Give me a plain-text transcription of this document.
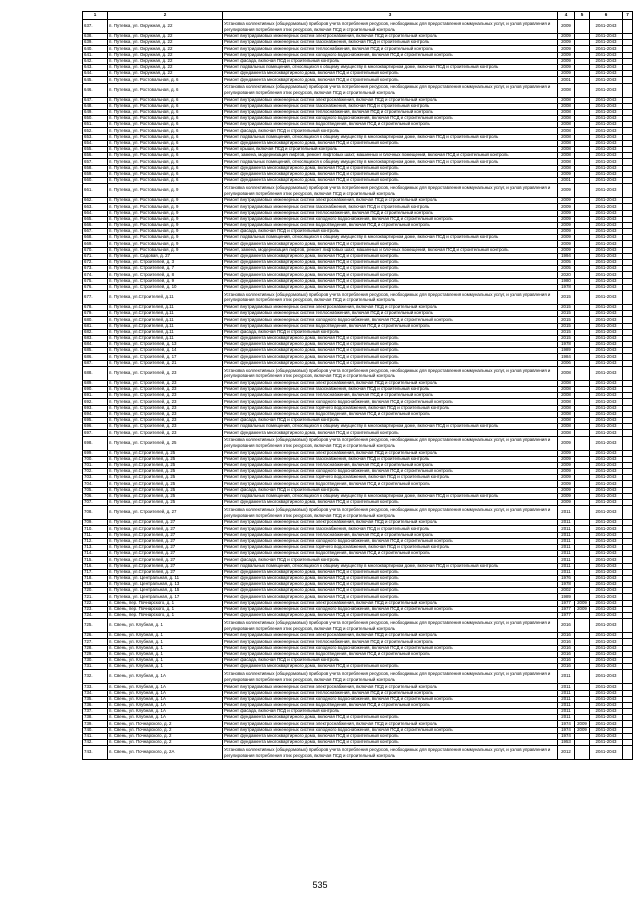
1	2	3	4	5	6	7
637.	п. Путевка, ул. Окружная, д. 22	Установка коллективных (общедомовых) приборов учета потребления ресурсов, необходимых для предоставления коммунальных услуг, и узлов управления и регулирования потребления этих ресурсов, включая ПСД и строительный контроль	2009		2041-2043	
638.	п. Путевка, ул. Окружная, д. 22	Ремонт внутридомовых инженерных систем электроснабжения, включая ПСД и строительный контроль	2009		2041-2043	
639.	п. Путевка, ул. Окружная, д. 22	Ремонт внутридомовых инженерных систем газоснабжения, включая ПСД и строительный контроль	2009		2041-2043	
640.	п. Путевка, ул. Окружная, д. 22	Ремонт внутридомовых инженерных систем теплоснабжения, включая ПСД и строительный контроль	2009		2041-2043	
641.	п. Путевка, ул. Окружная, д. 22	Ремонт внутридомовых инженерных систем холодного водоснабжения, включая ПСД и строительный контроль	2009		2041-2043	
642.	п. Путевка, ул. Окружная, д. 22	Ремонт фасада, включая ПСД и строительный контроль	2009		2041-2043	
643.	п. Путевка, ул. Окружная, д. 22	Ремонт подвальных помещений, относящихся к общему имуществу в многоквартирном доме, включая ПСД и строительный контроль	2009		2041-2043	
644.	п. Путевка, ул. Окружная, д. 22	Ремонт фундамента многоквартирного дома, включая ПСД и строительный контроль	2009		2041-2043	
645.	п. Путевка, ул. Ростовальная, д. 6	Ремонт фундамента многоквартирного дома, включая ПСД и строительный контроль	2001		2041-2043	
646.	п. Путевка, ул. Ростовальная, д. 6	Установка коллективных (общедомовых) приборов учета потребления ресурсов, необходимых для предоставления коммунальных услуг, и узлов управления и регулирования потребления этих ресурсов, включая ПСД и строительный контроль	2008		2041-2043	
647.	п. Путевка, ул. Ростовальная, д. 6	Ремонт внутридомовых инженерных систем электроснабжения, включая ПСД и строительный контроль	2008		2041-2043	
648.	п. Путевка, ул. Ростовальная, д. 6	Ремонт внутридомовых инженерных систем газоснабжения, включая ПСД и строительный контроль	2008		2041-2043	
649.	п. Путевка, ул. Ростовальная, д. 6	Ремонт внутридомовых инженерных систем теплоснабжения, включая ПСД и строительный контроль	2008		2041-2043	
650.	п. Путевка, ул. Ростовальная, д. 6	Ремонт внутридомовых инженерных систем холодного водоснабжения, включая ПСД и строительный контроль	2008		2041-2043	
651.	п. Путевка, ул. Ростовальная, д. 6	Ремонт внутридомовых инженерных систем водоотведения, включая ПСД и строительный контроль	2008		2041-2043	
652.	п. Путевка, ул. Ростовальная, д. 6	Ремонт фасада, включая ПСД и строительный контроль	2008		2041-2043	
653.	п. Путевка, ул. Ростовальная, д. 6	Ремонт подвальных помещений, относящихся к общему имуществу в многоквартирном доме, включая ПСД и строительный контроль	2008		2041-2043	
654.	п. Путевка, ул. Ростовальная, д. 6	Ремонт фундамента многоквартирного дома, включая ПСД и строительный контроль	2008		2041-2043	
655.	п. Путевка, ул. Ростовальная, д. 6	Ремонт крыши, включая ПСД и строительный контроль	2008		2041-2043	
656.	п. Путевка, ул. Ростовальная, д. 6	Ремонт, замена, модернизация лифтов, ремонт лифтовых шахт, машинных и блочных помещений, включая ПСД и строительный контроль	2008		2041-2043	
657.	п. Путевка, ул. Ростовальная, д. 6	Ремонт подвальных помещений, относящихся к общему имуществу в многоквартирном доме, включая ПСД и строительный контроль	2008		2041-2043	
658.	п. Путевка, ул. Ростовальная, д. 6	Ремонт фундамента многоквартирного дома, включая ПСД и строительный контроль	2008		2041-2043	
659.	п. Путевка, ул. Ростовальная, д. 6	Ремонт фундамента многоквартирного дома, включая ПСД и строительный контроль	2009		2041-2043	
660.	п. Путевка, ул. Ростовальная, д. 6	Ремонт фундамента многоквартирного дома, включая ПСД и строительный контроль	2001		2041-2043	
661.	п. Путевка, ул. Ростовальная, д. 9	Установка коллективных (общедомовых) приборов учета потребления ресурсов, необходимых для предоставления коммунальных услуг, и узлов управления и регулирования потребления этих ресурсов, включая ПСД и строительный контроль	2009		2041-2043	
662.	п. Путевка, ул. Ростовальная, д. 9	Ремонт внутридомовых инженерных систем электроснабжения, включая ПСД и строительный контроль	2009		2041-2043	
663.	п. Путевка, ул. Ростовальная, д. 9	Ремонт внутридомовых инженерных систем газоснабжения, включая ПСД и строительный контроль	2009		2041-2043	
664.	п. Путевка, ул. Ростовальная, д. 9	Ремонт внутридомовых инженерных систем теплоснабжения, включая ПСД и строительный контроль	2009		2041-2043	
665.	п. Путевка, ул. Ростовальная, д. 9	Ремонт внутридомовых инженерных систем холодного водоснабжения, включая ПСД и строительный контроль	2009		2041-2043	
666.	п. Путевка, ул. Ростовальная, д. 9	Ремонт внутридомовых инженерных систем водоотведения, включая ПСД и строительный контроль	2009		2041-2043	
667.	п. Путевка, ул. Ростовальная, д. 9	Ремонт фасада, включая ПСД и строительный контроль	2009		2041-2043	
668.	п. Путевка, ул. Ростовальная, д. 9	Ремонт подвальных помещений, относящихся к общему имуществу в многоквартирном доме, включая ПСД и строительный контроль	2009		2041-2043	
669.	п. Путевка, ул. Ростовальная, д. 9	Ремонт фундамента многоквартирного дома, включая ПСД и строительный контроль	2009		2041-2043	
670.	п. Путевка, ул. Ростовальная, д. 9	Ремонт, замена, модернизация лифтов, ремонт лифтовых шахт, машинных и блочных помещений, включая ПСД и строительный контроль	2009		2041-2043	
671.	п. Путевка, ул. Садовая, д. 27	Ремонт фундамента многоквартирного дома, включая ПСД и строительный контроль	1994		2041-2043	
672.	п. Путевка, ул. Строителей, д. 3	Ремонт фундамента многоквартирного дома, включая ПСД и строительный контроль	2005		2041-2043	
673.	п. Путевка, ул. Строителей, д. 7	Ремонт фундамента многоквартирного дома, включая ПСД и строительный контроль	2005		2041-2043	
674.	п. Путевка, ул. Строителей, д. 8	Ремонт фундамента многоквартирного дома, включая ПСД и строительный контроль	2020		2041-2043	
675.	п. Путевка, ул. Строителей, д. 9	Ремонт фундамента многоквартирного дома, включая ПСД и строительный контроль	1980		2041-2043	
676.	п. Путевка, ул. Строителей, д. 10	Ремонт фундамента многоквартирного дома, включая ПСД и строительный контроль	1978		2041-2043	
677.	п. Путевка, ул.Строителей, д.11	Установка коллективных (общедомовых) приборов учета потребления ресурсов, необходимых для предоставления коммунальных услуг, и узлов управления и регулирования потребления этих ресурсов, включая ПСД и строительный контроль	2015		2041-2043	
678.	п. Путевка, ул.Строителей, д.11	Ремонт внутридомовых инженерных систем электроснабжения, включая ПСД и строительный контроль	2015		2041-2043	
679.	п. Путевка, ул.Строителей, д.11	Ремонт внутридомовых инженерных систем теплоснабжения, включая ПСД и строительный контроль	2015		2041-2043	
680.	п. Путевка, ул.Строителей, д.11	Ремонт внутридомовых инженерных систем холодного водоснабжения, включая ПСД и строительный контроль	2015		2041-2043	
681.	п. Путевка, ул.Строителей, д.11	Ремонт внутридомовых инженерных систем водоотведения, включая ПСД и строительный контроль	2015		2041-2043	
682.	п. Путевка, ул.Строителей, д.11	Ремонт фасада, включая ПСД и строительный контроль	2015		2041-2043	
683.	п. Путевка, ул.Строителей, д.11	Ремонт фундамента многоквартирного дома, включая ПСД и строительный контроль	2015		2041-2043	
684.	п. Путевка, ул. Строителей, д. 13	Ремонт фундамента многоквартирного дома, включая ПСД и строительный контроль	1978		2041-2043	
685.	п. Путевка, ул. Строителей, д. 14	Ремонт фундамента многоквартирного дома, включая ПСД и строительный контроль	1989		2041-2043	
686.	п. Путевка, ул. Строителей, д. 17	Ремонт фундамента многоквартирного дома, включая ПСД и строительный контроль	1984		2041-2043	
687.	п. Путевка, ул. Строителей, д. 21	Ремонт фундамента многоквартирного дома, включая ПСД и строительный контроль	2006		2041-2043	
688.	п. Путевка, ул. Строителей, д. 23	Установка коллективных (общедомовых) приборов учета потребления ресурсов, необходимых для предоставления коммунальных услуг, и узлов управления и регулирования потребления этих ресурсов, включая ПСД и строительный контроль	2008		2041-2043	
689.	п. Путевка, ул. Строителей, д. 23	Ремонт внутридомовых инженерных систем электроснабжения, включая ПСД и строительный контроль	2008		2041-2043	
690.	п. Путевка, ул. Строителей, д. 23	Ремонт внутридомовых инженерных систем газоснабжения, включая ПСД и строительный контроль	2008		2041-2043	
691.	п. Путевка, ул. Строителей, д. 23	Ремонт внутридомовых инженерных систем теплоснабжения, включая ПСД и строительный контроль	2008		2041-2043	
692.	п. Путевка, ул. Строителей, д. 23	Ремонт внутридомовых инженерных систем холодного водоснабжения, включая ПСД и строительный контроль	2008		2041-2043	
693.	п. Путевка, ул. Строителей, д. 23	Ремонт внутридомовых инженерных систем горячего водоснабжения, включая ПСД и строительный контроль	2008		2041-2043	
694.	п. Путевка, ул. Строителей, д. 23	Ремонт внутридомовых инженерных систем водоотведения, включая ПСД и строительный контроль	2008		2041-2043	
695.	п. Путевка, ул. Строителей, д. 23	Ремонт фасада, включая ПСД и строительный контроль	2008		2041-2043	
696.	п. Путевка, ул. Строителей, д. 23	Ремонт подвальных помещений, относящихся к общему имуществу в многоквартирном доме, включая ПСД и строительный контроль	2008		2041-2043	
697.	п. Путевка, ул. Строителей, д. 23	Ремонт фундамента многоквартирного дома, включая ПСД и строительный контроль	2008		2041-2043	
698.	п. Путевка, ул. Строителей, д. 25	Установка коллективных (общедомовых) приборов учета потребления ресурсов, необходимых для предоставления коммунальных услуг, и узлов управления и регулирования потребления этих ресурсов, включая ПСД и строительный контроль	2009		2041-2043	
699.	п. Путевка, ул.Строителей, д. 25	Ремонт внутридомовых инженерных систем электроснабжения, включая ПСД и строительный контроль	2009		2041-2043	
700.	п. Путевка, ул.Строителей, д. 25	Ремонт внутридомовых инженерных систем газоснабжения, включая ПСД и строительный контроль	2009		2041-2043	
701.	п. Путевка, ул.Строителей, д. 25	Ремонт внутридомовых инженерных систем теплоснабжения, включая ПСД и строительный контроль	2009		2041-2043	
702.	п. Путевка, ул.Строителей, д. 25	Ремонт внутридомовых инженерных систем холодного водоснабжения, включая ПСД и строительный контроль	2009		2041-2043	
703.	п. Путевка, ул.Строителей, д. 25	Ремонт внутридомовых инженерных систем горячего водоснабжения, включая ПСД и строительный контроль	2009		2041-2043	
704.	п. Путевка, ул.Строителей, д. 25	Ремонт внутридомовых инженерных систем водоотведения, включая ПСД и строительный контроль	2009		2041-2043	
705.	п. Путевка, ул.Строителей, д. 25	Ремонт фасада, включая ПСД и строительный контроль	2009		2041-2043	
706.	п. Путевка, ул.Строителей, д. 25	Ремонт подвальных помещений, относящихся к общему имуществу в многоквартирном доме, включая ПСД и строительный контроль	2009		2041-2043	
707.	п. Путевка, ул.Строителей, д. 25	Ремонт фундамента многоквартирного дома, включая ПСД и строительный контроль	2009		2041-2043	
708.	п. Путевка, ул. Строителей, д. 27	Установка коллективных (общедомовых) приборов учета потребления ресурсов, необходимых для предоставления коммунальных услуг, и узлов управления и регулирования потребления этих ресурсов, включая ПСД и строительный контроль	2011		2041-2043	
709.	п. Путевка, ул.Строителей, д. 27	Ремонт внутридомовых инженерных систем электроснабжения, включая ПСД и строительный контроль	2011		2041-2043	
710.	п. Путевка, ул.Строителей, д. 27	Ремонт внутридомовых инженерных систем газоснабжения, включая ПСД и строительный контроль	2011		2041-2043	
711.	п. Путевка, ул.Строителей, д. 27	Ремонт внутридомовых инженерных систем теплоснабжения, включая ПСД и строительный контроль	2011		2041-2043	
712.	п. Путевка, ул.Строителей, д. 27	Ремонт внутридомовых инженерных систем холодного водоснабжения, включая ПСД и строительный контроль	2011		2041-2043	
713.	п. Путевка, ул.Строителей, д. 27	Ремонт внутридомовых инженерных систем горячего водоснабжения, включая ПСД и строительный контроль	2011		2041-2043	
714.	п. Путевка, ул.Строителей, д. 27	Ремонт внутридомовых инженерных систем водоотведения, включая ПСД и строительный контроль	2011		2041-2043	
715.	п. Путевка, ул.Строителей, д. 27	Ремонт фасада, включая ПСД и строительный контроль	2011		2041-2043	
716.	п. Путевка, ул.Строителей, д. 27	Ремонт подвальных помещений, относящихся к общему имуществу в многоквартирном доме, включая ПСД и строительный контроль	2011		2041-2043	
717.	п. Путевка, ул.Строителей, д. 27	Ремонт фундамента многоквартирного дома, включая ПСД и строительный контроль	2011		2041-2043	
718.	п. Путевка, ул. Центральная, д. 11	Ремонт фундамента многоквартирного дома, включая ПСД и строительный контроль	1976		2041-2043	
719.	п. Путевка, ул. Центральная, д. 13	Ремонт фундамента многоквартирного дома, включая ПСД и строительный контроль	1978		2041-2043	
720.	п. Путевка, ул. Центральная, д. 15	Ремонт фундамента многоквартирного дома, включая ПСД и строительный контроль	2002		2041-2043	
721.	п. Путевка, ул. Центральная, д. 17	Ремонт фундамента многоквартирного дома, включая ПСД и строительный контроль	1989		2041-2043	
722.	п. Свень, пер. Почнарского, д. 1	Ремонт внутридомовых инженерных систем электроснабжения, включая ПСД и строительный контроль	1977	2009	2041-2043	
723.	п. Свень, пер. Почнарского, д. 1	Ремонт внутридомовых инженерных систем холодного водоснабжения, включая ПСД и строительный контроль	1977	2009	2041-2043	
724.	п. Свень, пер. Почнарского, д. 1	Ремонт фундамента многоквартирного дома, включая ПСД и строительный контроль	1977		2041-2043	
725.	п. Свень, ул. Клубная, д. 1	Установка коллективных (общедомовых) приборов учета потребления ресурсов, необходимых для предоставления коммунальных услуг, и узлов управления и регулирования потребления этих ресурсов, включая ПСД и строительный контроль	2016		2041-2043	
726.	п. Свень, ул. Клубная, д. 1	Ремонт внутридомовых инженерных систем электроснабжения, включая ПСД и строительный контроль	2016		2041-2043	
727.	п. Свень, ул. Клубная, д. 1	Ремонт внутридомовых инженерных систем теплоснабжения, включая ПСД и строительный контроль	2016		2041-2043	
728.	п. Свень, ул. Клубная, д. 1	Ремонт внутридомовых инженерных систем холодного водоснабжения, включая ПСД и строительный контроль	2016		2041-2043	
729.	п. Свень, ул. Клубная, д. 1	Ремонт внутридомовых инженерных систем водоотведения, включая ПСД и строительный контроль	2016		2041-2043	
730.	п. Свень, ул. Клубная, д. 1	Ремонт фасада, включая ПСД и строительный контроль	2016		2041-2043	
731.	п. Свень, ул. Клубная, д. 1	Ремонт фундамента многоквартирного дома, включая ПСД и строительный контроль	2016		2041-2043	
732.	п. Свень, ул. Клубная, д. 1А	Установка коллективных (общедомовых) приборов учета потребления ресурсов, необходимых для предоставления коммунальных услуг, и узлов управления и регулирования потребления этих ресурсов, включая ПСД и строительный контроль	2011		2041-2043	
733.	п. Свень, ул. Клубная, д. 1А	Ремонт внутридомовых инженерных систем электроснабжения, включая ПСД и строительный контроль	2011		2041-2043	
734.	п. Свень, ул. Клубная, д. 1А	Ремонт внутридомовых инженерных систем теплоснабжения, включая ПСД и строительный контроль	2011		2041-2043	
735.	п. Свень, ул. Клубная, д. 1А	Ремонт внутридомовых инженерных систем холодного водоснабжения, включая ПСД и строительный контроль	2011		2041-2043	
736.	п. Свень, ул. Клубная, д. 1А	Ремонт внутридомовых инженерных систем водоотведения, включая ПСД и строительный контроль	2011		2041-2043	
737.	п. Свень, ул. Клубная, д. 1А	Ремонт фасада, включая ПСД и строительный контроль	2011		2041-2043	
738.	п. Свень, ул. Клубная, д. 1А	Ремонт фундамента многоквартирного дома, включая ПСД и строительный контроль	2011		2041-2043	
739.	п. Свень, ул. Почнарского, д. 2	Ремонт внутридомовых инженерных систем электроснабжения, включая ПСД и строительный контроль	1974	2009	2041-2043	
740.	п. Свень, ул. Почнарского, д. 2	Ремонт внутридомовых инженерных систем холодного водоснабжения, включая ПСД и строительный контроль	1974	2009	2041-2043	
741.	п. Свень, ул. Почнарского, д. 2	Ремонт фундамента многоквартирного дома, включая ПСД и строительный контроль	1974		2041-2043	
742.	п. Свень, ул. Почнарского, д. 2	Ремонт фундамента многоквартирного дома, включая ПСД и строительный контроль	1953		2041-2043	
743.	п. Свень, ул. Почнарского, д. 2А	Установка коллективных (общедомовых) приборов учета потребления ресурсов, необходимых для предоставления коммунальных услуг, и узлов управления и регулирования потребления этих ресурсов, включая ПСД и строительный контроль	2012		2041-2043	
535
